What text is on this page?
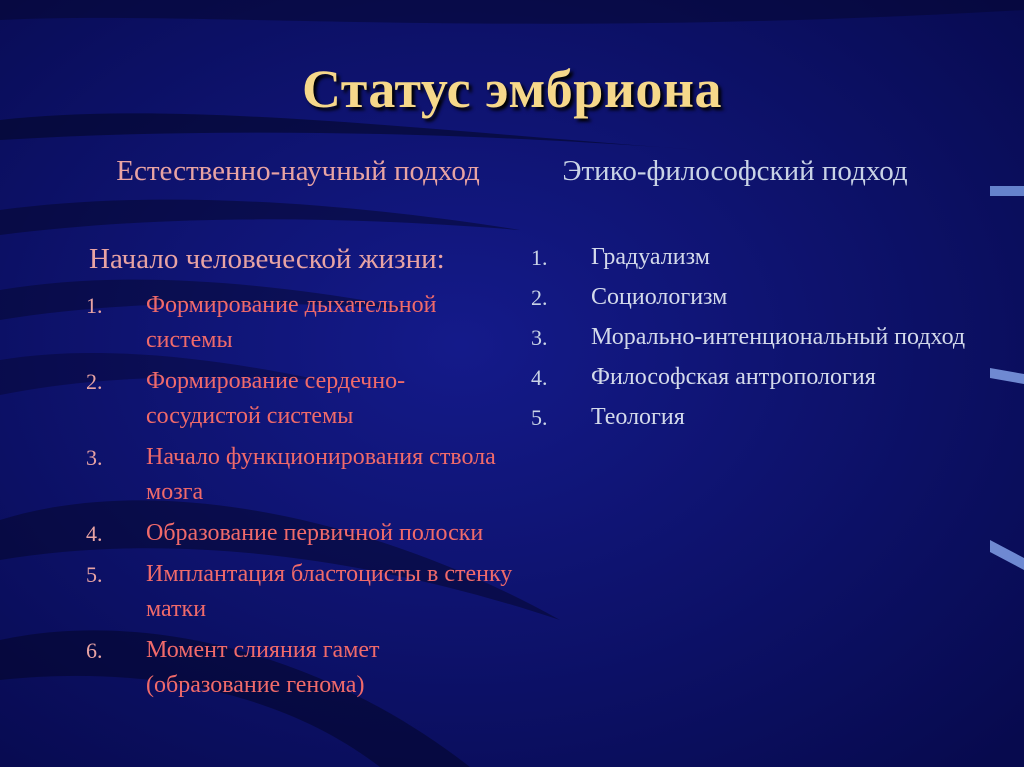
Статус эмбриона
Естественно-научный подход	Этико-философский подход
Начало человеческой жизни:
1. Формирование дыхательной системы
2. Формирование сердечно-сосудистой системы
3. Начало функционирования ствола мозга
4. Образование первичной полоски
5. Имплантация бластоцисты в стенку матки
6. Момент слияния гамет (образование генома)
1. Градуализм
2. Социологизм
3. Морально-интенциональный подход
4. Философская антропология
5. Теология
